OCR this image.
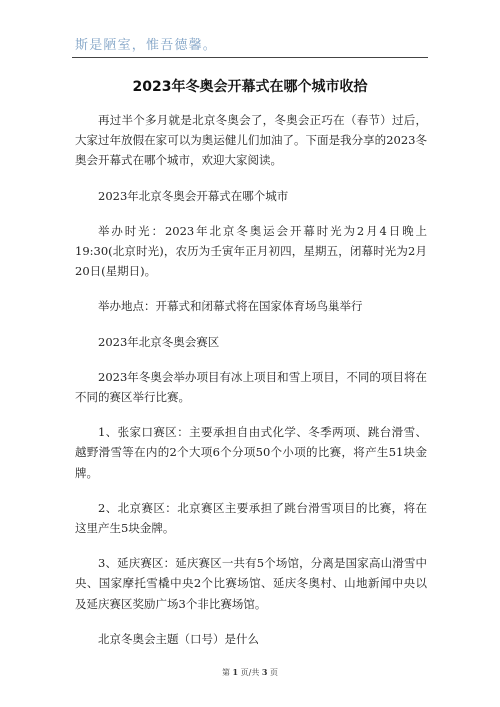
斯是陋室，惟吾德馨。
2023年冬奥会开幕式在哪个城市收拾

再过半个多月就是北京冬奥会了，冬奥会正巧在（春节）过后，大家过年放假在家可以为奥运健儿们加油了。下面是我分享的2023冬奥会开幕式在哪个城市，欢迎大家阅读。

2023年北京冬奥会开幕式在哪个城市

举办时光：2023年北京冬奥运会开幕时光为2月4日晚上19:30(北京时光)，农历为壬寅年正月初四，星期五，闭幕时光为2月20日(星期日)。

举办地点：开幕式和闭幕式将在国家体育场鸟巢举行

2023年北京冬奥会赛区

2023年冬奥会举办项目有冰上项目和雪上项目，不同的项目将在不同的赛区举行比赛。

1、张家口赛区：主要承担自由式化学、冬季两项、跳台滑雪、越野滑雪等在内的2个大项6个分项50个小项的比赛，将产生51块金牌。

2、北京赛区：北京赛区主要承担了跳台滑雪项目的比赛，将在这里产生5块金牌。

3、延庆赛区：延庆赛区一共有5个场馆，分离是国家高山滑雪中央、国家摩托雪橇中央2个比赛场馆、延庆冬奥村、山地新闻中央以及延庆赛区奖励广场3个非比赛场馆。

北京冬奥会主题（口号）是什么

第 1 页/共 3 页
